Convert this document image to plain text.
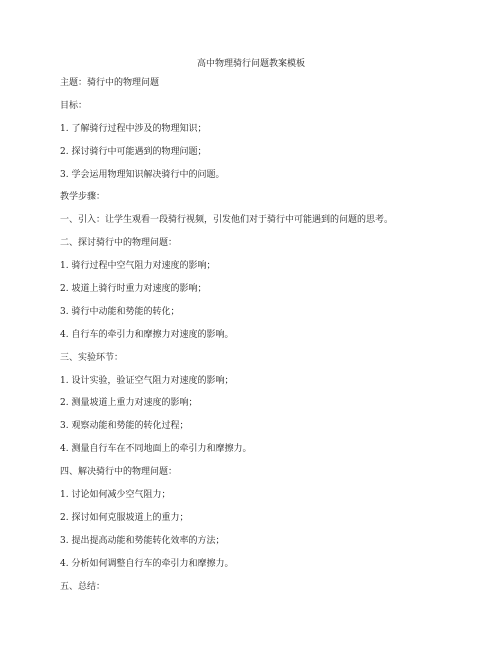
高中物理骑行问题教案模板
主题：骑行中的物理问题
目标：
1. 了解骑行过程中涉及的物理知识；
2. 探讨骑行中可能遇到的物理问题；
3. 学会运用物理知识解决骑行中的问题。
教学步骤：
一、引入：让学生观看一段骑行视频，引发他们对于骑行中可能遇到的问题的思考。
二、探讨骑行中的物理问题：
1. 骑行过程中空气阻力对速度的影响；
2. 坡道上骑行时重力对速度的影响；
3. 骑行中动能和势能的转化；
4. 自行车的牵引力和摩擦力对速度的影响。
三、实验环节：
1. 设计实验，验证空气阻力对速度的影响；
2. 测量坡道上重力对速度的影响；
3. 观察动能和势能的转化过程；
4. 测量自行车在不同地面上的牵引力和摩擦力。
四、解决骑行中的物理问题：
1. 讨论如何减少空气阻力；
2. 探讨如何克服坡道上的重力；
3. 提出提高动能和势能转化效率的方法；
4. 分析如何调整自行车的牵引力和摩擦力。
五、总结：
